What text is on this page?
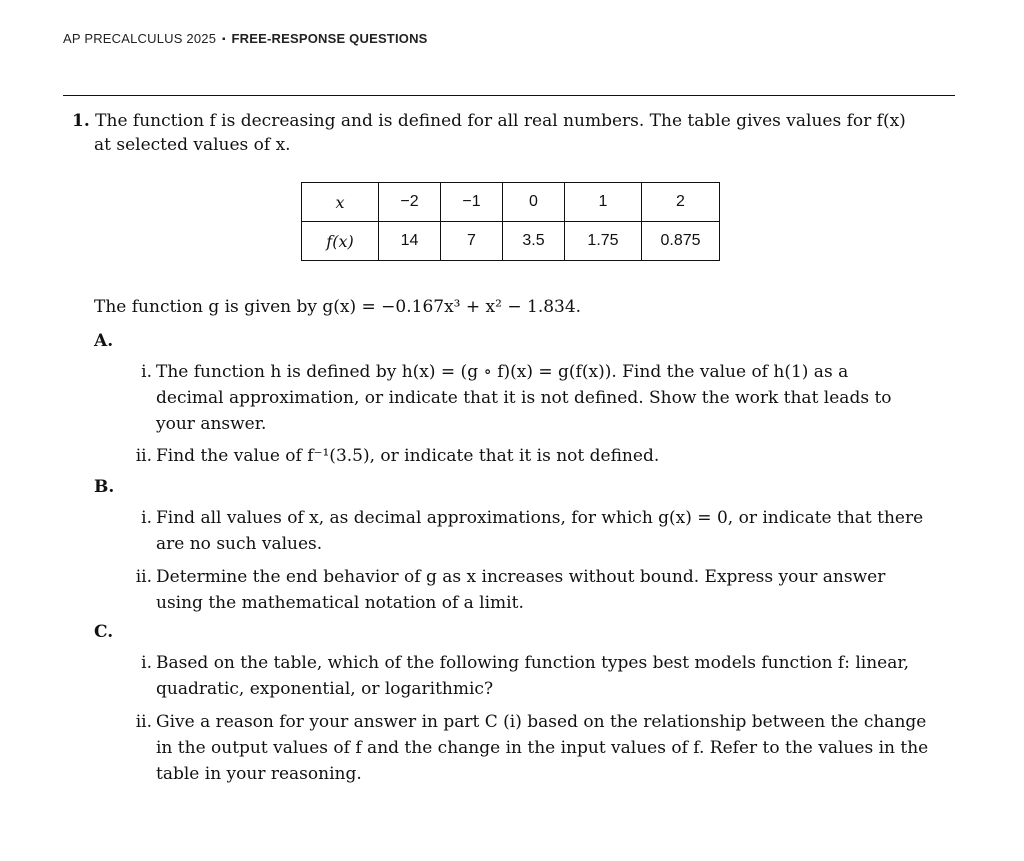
AP PRECALCULUS 2025 ▪ FREE-RESPONSE QUESTIONS
1. The function f is decreasing and is defined for all real numbers. The table gives values for f(x)
at selected values of x.
x	−2	−1	0	1	2
f(x)	14	7	3.5	1.75	0.875
The function g is given by g(x) = −0.167x³ + x² − 1.834.
A.
i. The function h is defined by h(x) = (g ∘ f)(x) = g(f(x)). Find the value of h(1) as a
decimal approximation, or indicate that it is not defined. Show the work that leads to
your answer.
ii. Find the value of f⁻¹(3.5), or indicate that it is not defined.
B.
i. Find all values of x, as decimal approximations, for which g(x) = 0, or indicate that there
are no such values.
ii. Determine the end behavior of g as x increases without bound. Express your answer
using the mathematical notation of a limit.
C.
i. Based on the table, which of the following function types best models function f: linear,
quadratic, exponential, or logarithmic?
ii. Give a reason for your answer in part C (i) based on the relationship between the change
in the output values of f and the change in the input values of f. Refer to the values in the
table in your reasoning.
